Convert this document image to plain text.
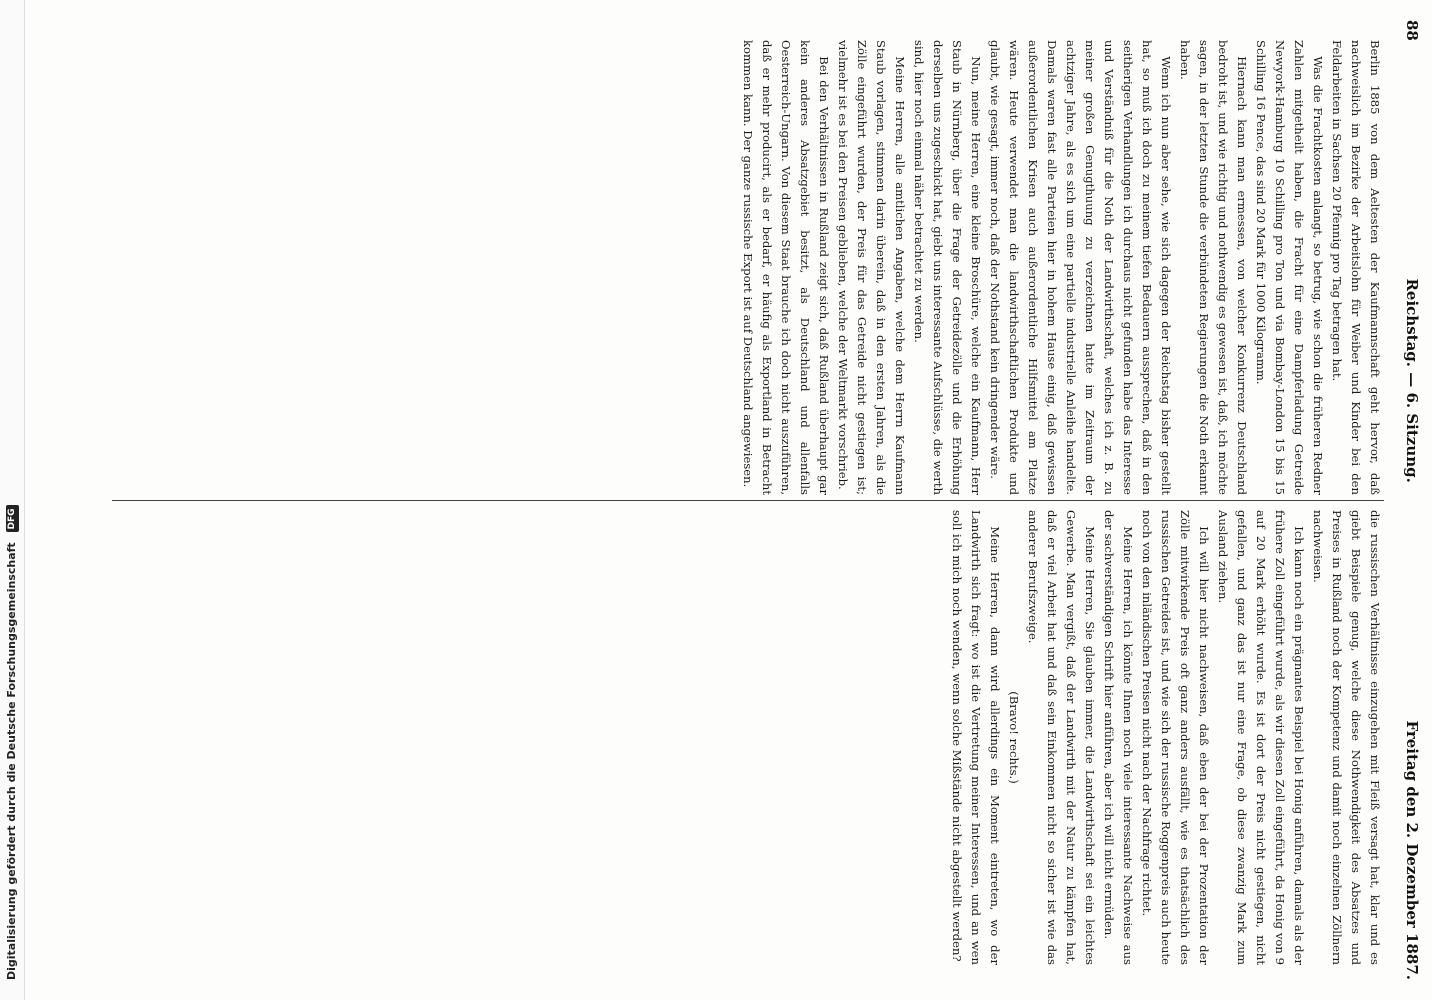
Digitalisierung gefördert durch die Deutsche Forschungsgemeinschaft DFG
88
Reichstag. — 6. Sitzung.
Freitag den 2. Dezember 1887.

Berlin 1885 von dem Aeltesten der Kaufmannschaft geht hervor, daß nachweislich im Bezirke der Arbeitslohn für Weiber und Kinder bei den Feldarbeiten in Sachsen 20 Pfennig pro Tag betragen hat.

Was die Frachtkosten anlangt, so betrug, wie schon die früheren Redner Zahlen mitgetheilt haben, die Fracht für eine Dampferladung Getreide Newyork-Hamburg 10 Schilling pro Ton und via Bombay-London 15 bis 15 Schilling 16 Pence, das sind 20 Mark für 1000 Kilogramm.

Hiernach kann man ermessen, von welcher Konkurrenz Deutschland bedroht ist, und wie richtig und nothwendig es gewesen ist, daß, ich möchte sagen, in der letzten Stunde die verbündeten Regierungen die Noth erkannt haben.

Wenn ich nun aber sehe, wie sich dagegen der Reichstag bisher gestellt hat, so muß ich doch zu meinem tiefen Bedauern aussprechen, daß in den seitherigen Verhandlungen ich durchaus nicht gefunden habe das Interesse und Verständniß für die Noth der Landwirthschaft, welches ich z. B. zu meiner großen Genugthuung zu verzeichnen hatte im Zeitraum der achtziger Jahre, als es sich um eine partielle industrielle Anleihe handelte. Damals waren fast alle Parteien hier in hohem Hause einig, daß gewissen außerordentlichen Krisen auch außerordentliche Hilfsmittel am Platze wären. Heute verwendet man die landwirthschaftlichen Produkte und glaubt, wie gesagt, immer noch, daß der Nothstand kein dringender wäre.

Nun, meine Herren, eine kleine Broschüre, welche ein Kaufmann, Herr Staub in Nürnberg, über die Frage der Getreidezölle und die Erhöhung derselben uns zugeschickt hat, giebt uns interessante Aufschlüsse, die werth sind, hier noch einmal näher betrachtet zu werden.

Meine Herren, alle amtlichen Angaben, welche dem Herrn Kaufmann Staub vorlagen, stimmen darin überein, daß in den ersten Jahren, als die Zölle eingeführt wurden, der Preis für das Getreide nicht gestiegen ist; vielmehr ist es bei den Preisen geblieben, welche der Weltmarkt vorschrieb.

Bei den Verhältnissen in Rußland zeigt sich, daß Rußland überhaupt gar kein anderes Absatzgebiet besitzt, als Deutschland und allenfalls Oesterreich-Ungarn. Von diesem Staat brauche ich doch nicht auszuführen, daß er mehr producirt, als er bedarf, er häufig als Exportland in Betracht kommen kann. Der ganze russische Export ist auf Deutschland angewiesen.

die russischen Verhältnisse einzugehen mit Fleiß versagt hat, klar und es giebt Beispiele genug, welche diese Nothwendigkeit des Absatzes und Preises in Rußland noch der Kompetenz und damit noch einzelnen Zöllnern nachweisen.

Ich kann noch ein prägnantes Beispiel bei Honig anführen, damals als der frühere Zoll eingeführt wurde, als wir diesen Zoll eingeführt, da Honig von 9 auf 20 Mark erhöht wurde. Es ist dort der Preis nicht gestiegen, nicht gefallen, und ganz das ist nur eine Frage, ob diese zwanzig Mark zum Ausland ziehen.

Ich will hier nicht nachweisen, daß eben der bei der Prozentation der Zölle mitwirkende Preis oft ganz anders ausfällt, wie es thatsächlich des russischen Getreides ist, und wie sich der russische Roggenpreis auch heute noch von den inländischen Preisen nicht nach der Nachfrage richtet.

Meine Herren, ich könnte Ihnen noch viele interessante Nachweise aus der sachverständigen Schrift hier anführen, aber ich will nicht ermüden.

Meine Herren, Sie glauben immer, die Landwirthschaft sei ein leichtes Gewerbe. Man vergißt, daß der Landwirth mit der Natur zu kämpfen hat, daß er viel Arbeit hat und daß sein Einkommen nicht so sicher ist wie das anderer Berufszweige.

(Bravo! rechts.)

Meine Herren, dann wird allerdings ein Moment eintreten, wo der Landwirth sich fragt: wo ist die Vertretung meiner Interessen, und an wen soll ich mich noch wenden, wenn solche Mißstände nicht abgestellt werden?
